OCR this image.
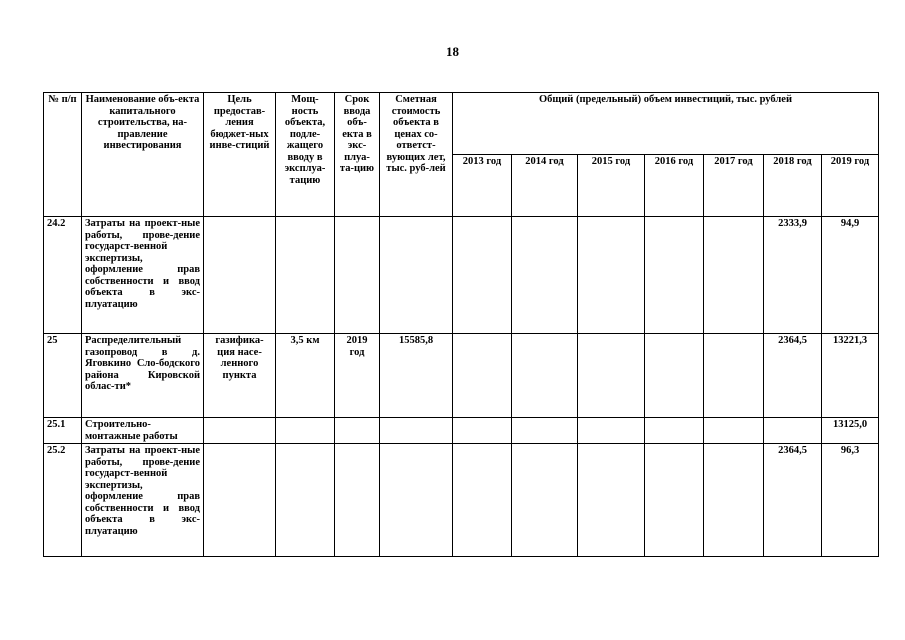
18
№ п/п	Наименование объ-екта капитального строительства, на-правление инвестирования	Цель предостав-ления бюджет-ных инве-стиций	Мощ-ность объекта, подле-жащего вводу в эксплуа-тацию	Срок ввода объ-екта в экс-плуа-та-цию	Сметная стоимость объекта в ценах со-ответст-вующих лет, тыс. руб-лей	Общий (предельный) объем инвестиций, тыс. рублей						
						2013 год	2014 год	2015 год	2016 год	2017 год	2018 год	2019 год
24.2	Затраты на проект-ные работы, прове-дение государст-венной экспертизы, оформление прав собственности и ввод объекта в экс-плуатацию										2333,9	94,9
25	Распределительный газопровод в д. Яговкино Сло-бодского района Кировской облас-ти*	газифика-ция насе-ленного пункта	3,5 км	2019 год	15585,8						2364,5	13221,3
25.1	Строительно-монтажные работы											13125,0
25.2	Затраты на проект-ные работы, прове-дение государст-венной экспертизы, оформление прав собственности и ввод объекта в экс-плуатацию										2364,5	96,3
